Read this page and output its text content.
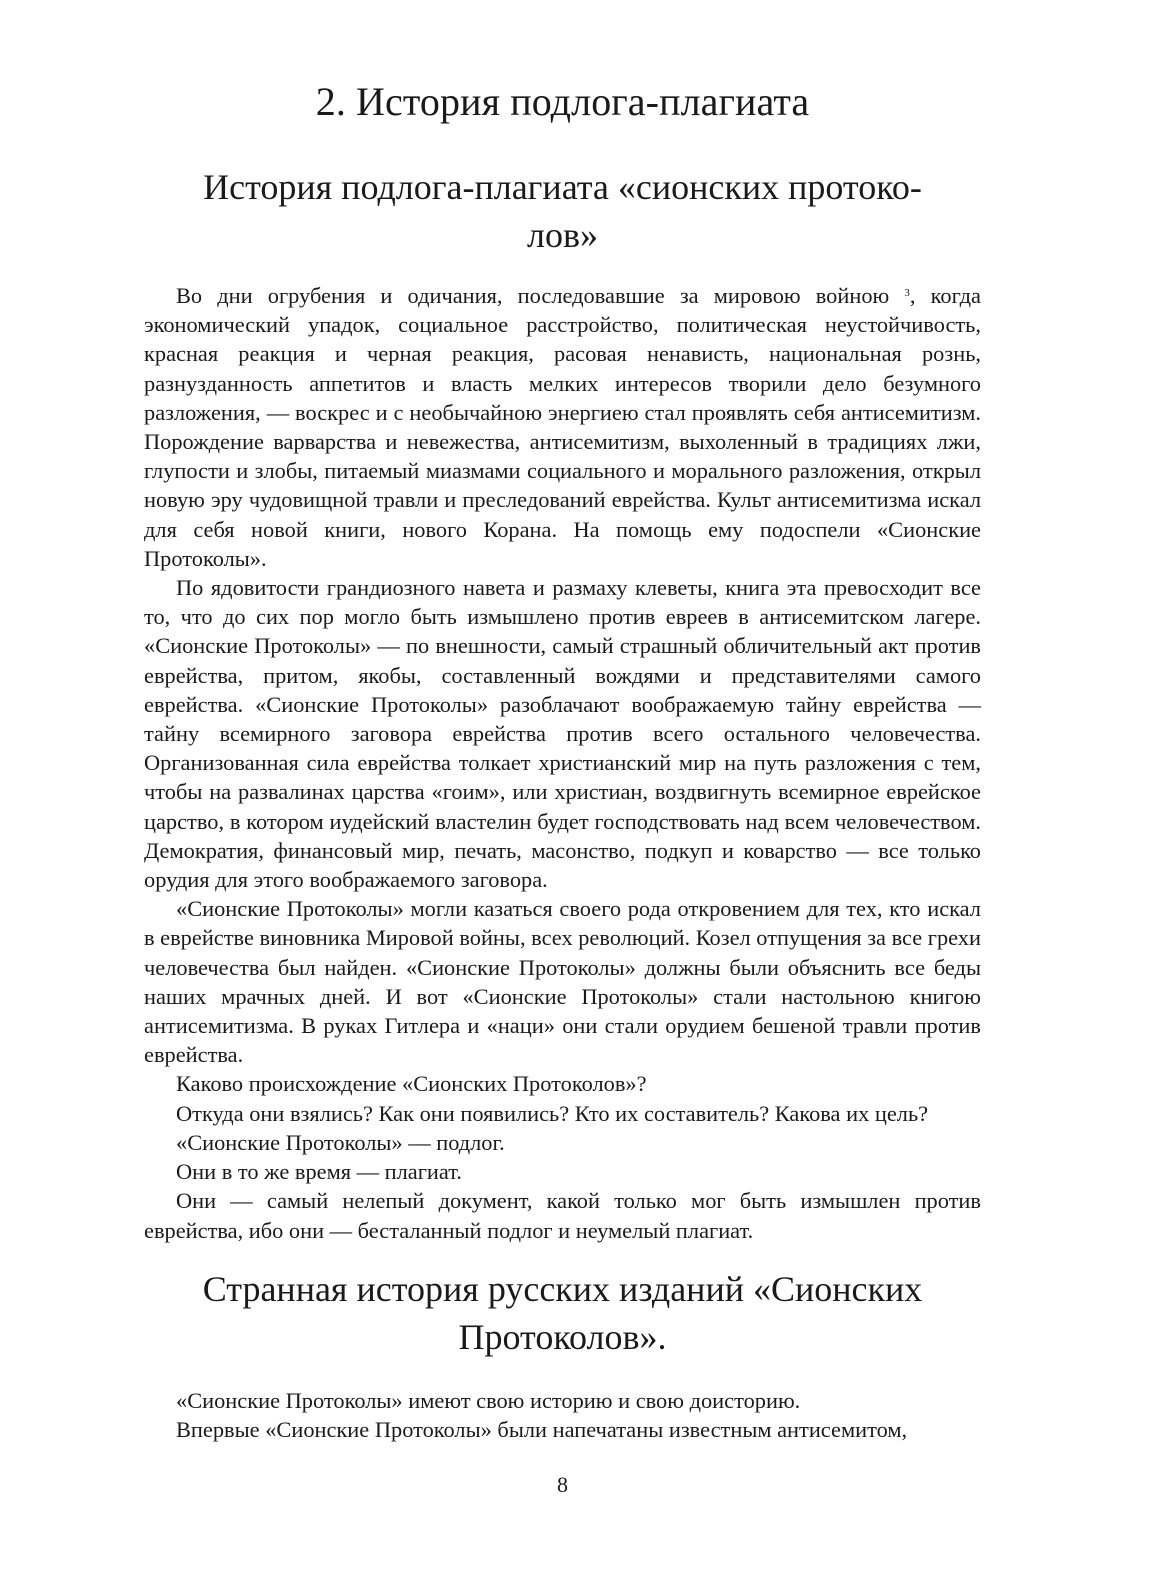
2. История подлога-плагиата
История подлога-плагиата «сионских протоко-
лов»

Во дни огрубения и одичания, последовавшие за мировою войною $^3$, когда экономический упадок, социальное расстройство, политическая неустойчивость, красная реакция и черная реакция, расовая ненависть, национальная рознь, разнузданность аппетитов и власть мелких интересов творили дело безумного разложения, — воскрес и с необычайною энергиею стал проявлять себя антисемитизм. Порождение варварства и невежества, антисемитизм, выхоленный в традициях лжи, глупости и злобы, питаемый миазмами социального и морального разложения, открыл новую эру чудовищной травли и преследований еврейства. Культ антисемитизма искал для себя новой книги, нового Корана. На помощь ему подоспели «Сионские Протоколы».

По ядовитости грандиозного навета и размаху клеветы, книга эта превосходит все то, что до сих пор могло быть измышлено против евреев в антисемитском лагере. «Сионские Протоколы» — по внешности, самый страшный обличительный акт против еврейства, притом, якобы, составленный вождями и представителями самого еврейства. «Сионские Протоколы» разоблачают воображаемую тайну еврейства — тайну всемирного заговора еврейства против всего остального человечества. Организованная сила еврейства толкает христианский мир на путь разложения с тем, чтобы на развалинах царства «гоим», или христиан, воздвигнуть всемирное еврейское царство, в котором иудейский властелин будет господствовать над всем человечеством. Демократия, финансовый мир, печать, масонство, подкуп и коварство — все только орудия для этого воображаемого заговора.

«Сионские Протоколы» могли казаться своего рода откровением для тех, кто искал в еврействе виновника Мировой войны, всех революций. Козел отпущения за все грехи человечества был найден. «Сионские Протоколы» должны были объяснить все беды наших мрачных дней. И вот «Сионские Протоколы» стали настольною книгою антисемитизма. В руках Гитлера и «наци» они стали орудием бешеной травли против еврейства.

Каково происхождение «Сионских Протоколов»?

Откуда они взялись? Как они появились? Кто их составитель? Какова их цель?

«Сионские Протоколы» — подлог.

Они в то же время — плагиат.

Они — самый нелепый документ, какой только мог быть измышлен против еврейства, ибо они — бесталанный подлог и неумелый плагиат.

Странная история русских изданий «Сионских
Протоколов».

«Сионские Протоколы» имеют свою историю и свою доисторию.

Впервые «Сионские Протоколы» были напечатаны известным антисемитом,

8
